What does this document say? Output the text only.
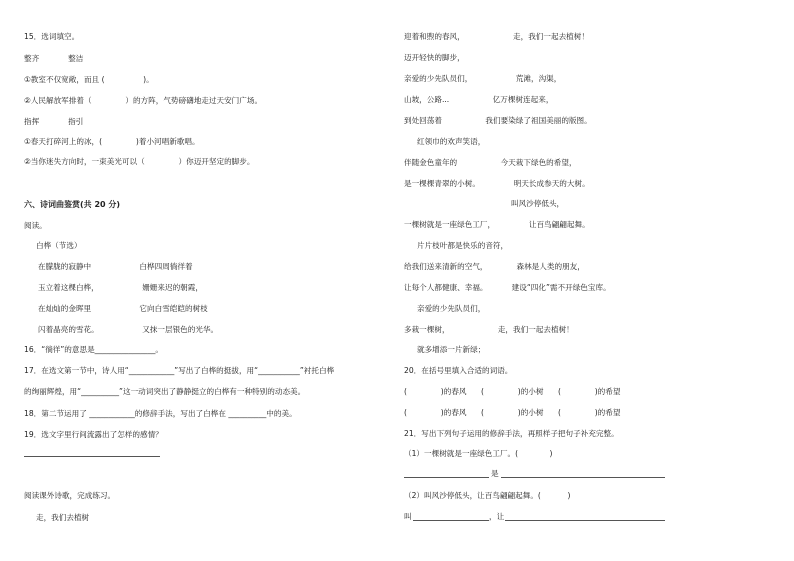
15．选词填空。
整齐            整洁
①教室不仅宽敞，而且 (                )。
②人民解放军排着（              ）的方阵，气势磅礴地走过天安门广场。
指挥            指引
①春天打碎河上的冰，(              )着小河唱新歌唱。
②当你迷失方向时，一束美光可以（              ）你迈开坚定的脚步。
六、诗词曲鉴赏(共 20 分)
阅读。
白桦（节选）
在朦胧的寂静中                    白桦四周徜徉着
玉立着这棵白桦，                  姗姗来迟的朝霞，
在灿灿的金晖里                    它向白雪皑皑的树枝
闪着晶亮的雪花。                  又抹一层银色的光华。
16．“徜徉”的意思是________________。
17．在选文第一节中，诗人用“____________”写出了白桦的挺拔，用“___________”衬托白桦
的绚丽辉煌，用“__________”这一动词突出了静静挺立的白桦有一种特别的动态美。
18．第二节运用了 ____________的修辞手法，写出了白桦在 __________中的美。
19．选文字里行间流露出了怎样的感情？
阅读课外诗歌，完成练习。
走，我们去植树
迎着和煦的春风，                    走，我们一起去植树！
迈开轻快的脚步，
亲爱的少先队员们，                  荒滩，沟渠，
山坡，公路...                  亿万棵树连起来，
到处回荡着                  我们要染绿了祖国美丽的版图。
红领巾的欢声笑语，
伴随金色童年的                  今天栽下绿色的希望，
是一棵棵青翠的小树。              明天长成参天的大树。
叫风沙停低头，
一棵树就是一座绿色工厂，              让百鸟翩翩起舞。
片片枝叶都是快乐的音符，
给我们送来清新的空气，            森林是人类的朋友，
让每个人都健康、幸福。          建设“四化”需不开绿色宝库。
亲爱的少先队员们，
多栽一棵树，                    走，我们一起去植树！
就多增添一片新绿；
20．在括号里填入合适的词语。
(              )的春风      (              )的小树      (              )的希望
(              )的春风      (              )的小树      (              )的希望
21．写出下列句子运用的修辞手法，再照样子把句子补充完整。
（1）一棵树就是一座绿色工厂。(             )
是
（2）叫风沙停低头，让百鸟翩翩起舞。(           )
叫	，让
